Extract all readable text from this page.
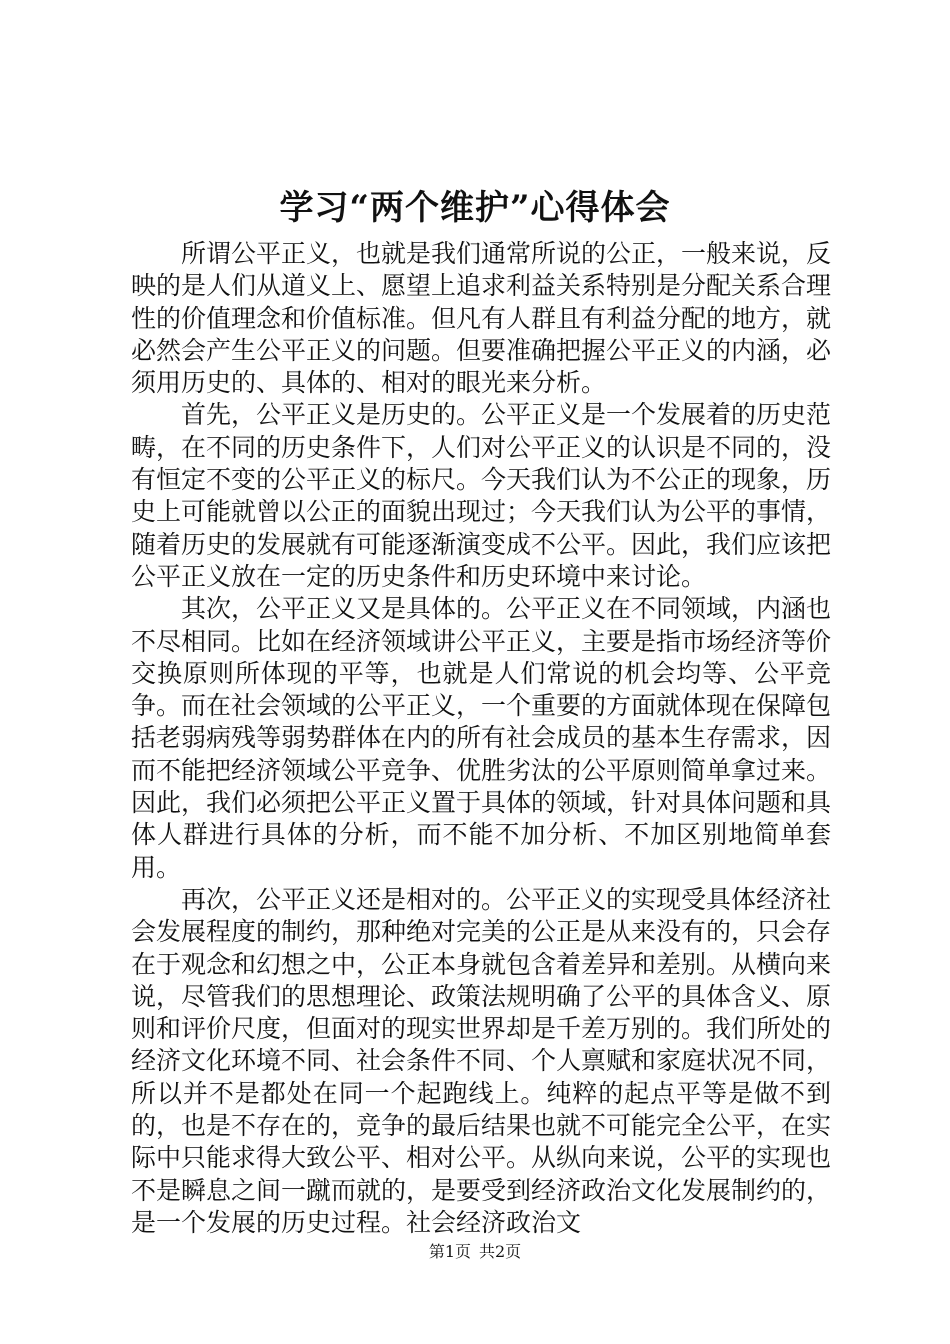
学习“两个维护”心得体会

所谓公平正义，也就是我们通常所说的公正，一般来说，反映的是人们从道义上、愿望上追求利益关系特别是分配关系合理性的价值理念和价值标准。但凡有人群且有利益分配的地方，就必然会产生公平正义的问题。但要准确把握公平正义的内涵，必须用历史的、具体的、相对的眼光来分析。

首先，公平正义是历史的。公平正义是一个发展着的历史范畴，在不同的历史条件下，人们对公平正义的认识是不同的，没有恒定不变的公平正义的标尺。今天我们认为不公正的现象，历史上可能就曾以公正的面貌出现过；今天我们认为公平的事情，随着历史的发展就有可能逐渐演变成不公平。因此，我们应该把公平正义放在一定的历史条件和历史环境中来讨论。

其次，公平正义又是具体的。公平正义在不同领域，内涵也不尽相同。比如在经济领域讲公平正义，主要是指市场经济等价交换原则所体现的平等，也就是人们常说的机会均等、公平竞争。而在社会领域的公平正义，一个重要的方面就体现在保障包括老弱病残等弱势群体在内的所有社会成员的基本生存需求，因而不能把经济领域公平竞争、优胜劣汰的公平原则简单拿过来。因此，我们必须把公平正义置于具体的领域，针对具体问题和具体人群进行具体的分析，而不能不加分析、不加区别地简单套用。

再次，公平正义还是相对的。公平正义的实现受具体经济社会发展程度的制约，那种绝对完美的公正是从来没有的，只会存在于观念和幻想之中，公正本身就包含着差异和差别。从横向来说，尽管我们的思想理论、政策法规明确了公平的具体含义、原则和评价尺度，但面对的现实世界却是千差万别的。我们所处的经济文化环境不同、社会条件不同、个人禀赋和家庭状况不同，所以并不是都处在同一个起跑线上。纯粹的起点平等是做不到的，也是不存在的，竞争的最后结果也就不可能完全公平，在实际中只能求得大致公平、相对公平。从纵向来说，公平的实现也不是瞬息之间一蹴而就的，是要受到经济政治文化发展制约的，是一个发展的历史过程。社会经济政治文

第1页 共2页
